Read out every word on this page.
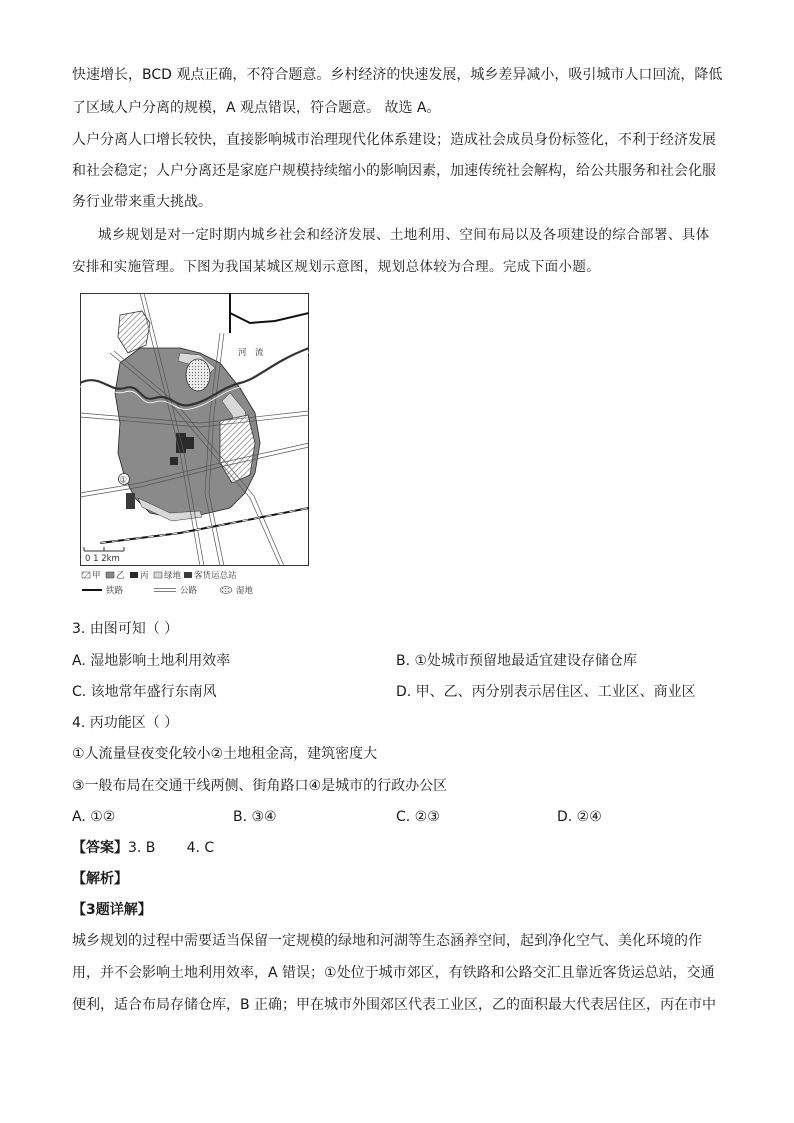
快速增长，BCD 观点正确，不符合题意。乡村经济的快速发展，城乡差异减小，吸引城市人口回流，降低
了区域人户分离的规模，A 观点错误，符合题意。 故选 A。
人户分离人口增长较快，直接影响城市治理现代化体系建设；造成社会成员身份标签化，不利于经济发展
和社会稳定；人户分离还是家庭户规模持续缩小的影响因素，加速传统社会解构，给公共服务和社会化服
务行业带来重大挑战。
城乡规划是对一定时期内城乡社会和经济发展、土地利用、空间布局以及各项建设的综合部署、具体
安排和实施管理。下图为我国某城区规划示意图，规划总体较为合理。完成下面小题。
河　流
①
0 1 2km
甲 乙 丙 绿地 客货运总站
铁路	公路	湿地
3. 由图可知（ ）
A. 湿地影响土地利用效率	B. ①处城市预留地最适宜建设存储仓库
C. 该地常年盛行东南风	D. 甲、乙、丙分别表示居住区、工业区、商业区
4. 丙功能区（ ）
①人流量昼夜变化较小②土地租金高，建筑密度大
③一般布局在交通干线两侧、街角路口④是城市的行政办公区
A. ①②	B. ③④	C. ②③	D. ②④
【答案】3. B       4. C
【解析】
【3题详解】
城乡规划的过程中需要适当保留一定规模的绿地和河湖等生态涵养空间，起到净化空气、美化环境的作
用，并不会影响土地利用效率，A 错误；①处位于城市郊区，有铁路和公路交汇且靠近客货运总站，交通
便利，适合布局存储仓库，B 正确；甲在城市外围郊区代表工业区，乙的面积最大代表居住区，丙在市中
